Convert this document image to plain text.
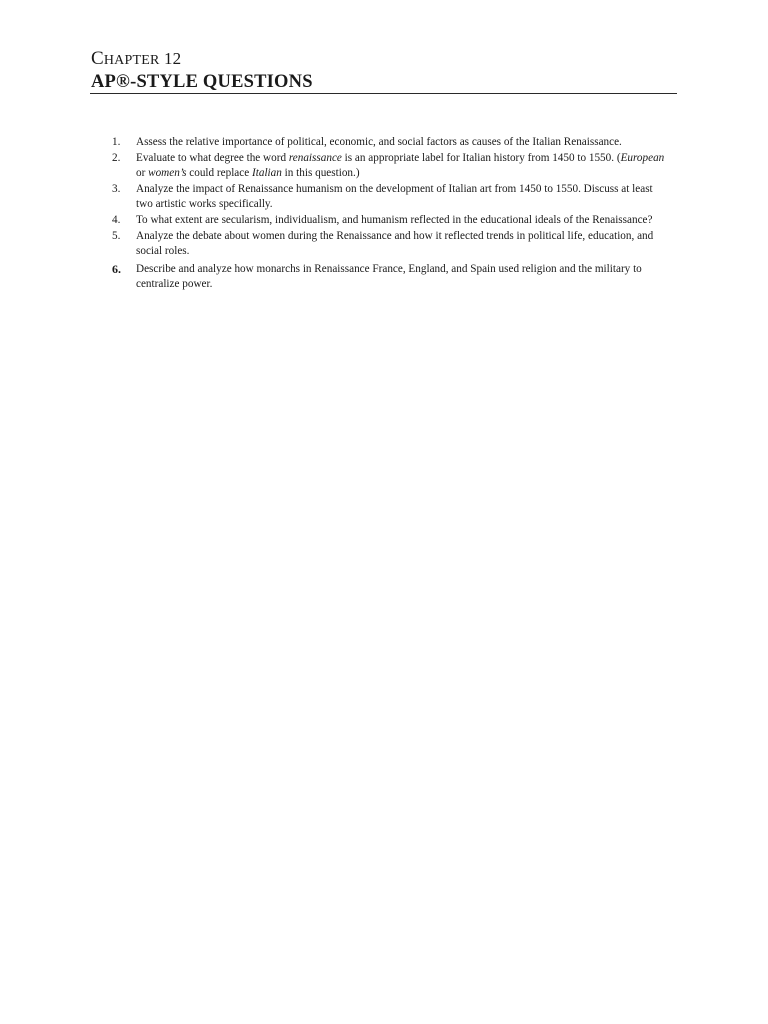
CHAPTER 12
AP®-STYLE QUESTIONS
1. Assess the relative importance of political, economic, and social factors as causes of the Italian Renaissance.
2. Evaluate to what degree the word renaissance is an appropriate label for Italian history from 1450 to 1550. (European or women’s could replace Italian in this question.)
3. Analyze the impact of Renaissance humanism on the development of Italian art from 1450 to 1550. Discuss at least two artistic works specifically.
4. To what extent are secularism, individualism, and humanism reflected in the educational ideals of the Renaissance?
5. Analyze the debate about women during the Renaissance and how it reflected trends in political life, education, and social roles.
6. Describe and analyze how monarchs in Renaissance France, England, and Spain used religion and the military to centralize power.
